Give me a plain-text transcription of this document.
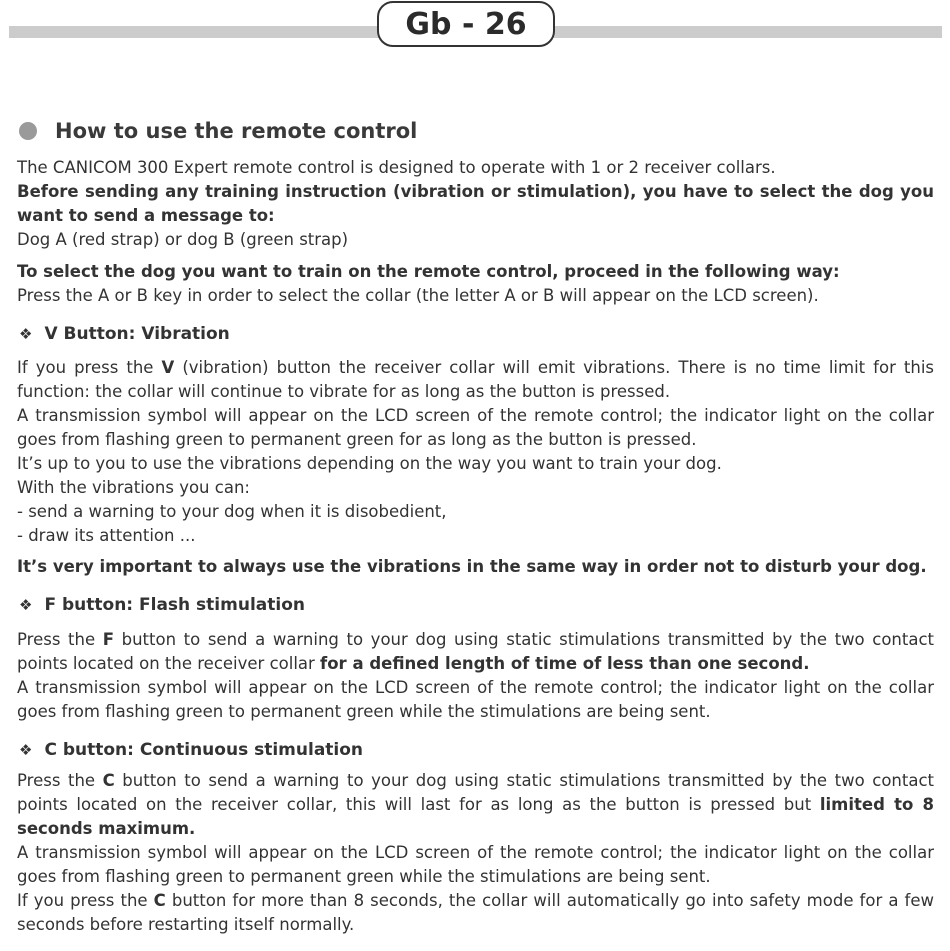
Gb - 26
How to use the remote control
The CANICOM 300 Expert remote control is designed to operate with 1 or 2 receiver collars.
Before sending any training instruction (vibration or stimulation), you have to select the dog you want to send a message to:
Dog A (red strap) or dog B (green strap)
To select the dog you want to train on the remote control, proceed in the following way:
Press the A or B key in order to select the collar (the letter A or B will appear on the LCD screen).
❖ V Button: Vibration
If you press the V (vibration) button the receiver collar will emit vibrations. There is no time limit for this function: the collar will continue to vibrate for as long as the button is pressed.
A transmission symbol will appear on the LCD screen of the remote control; the indicator light on the collar goes from flashing green to permanent green for as long as the button is pressed.
It’s up to you to use the vibrations depending on the way you want to train your dog.
With the vibrations you can:
- send a warning to your dog when it is disobedient,
- draw its attention ...
It’s very important to always use the vibrations in the same way in order not to disturb your dog.
❖ F button: Flash stimulation
Press the F button to send a warning to your dog using static stimulations transmitted by the two contact points located on the receiver collar for a defined length of time of less than one second.
A transmission symbol will appear on the LCD screen of the remote control; the indicator light on the collar goes from flashing green to permanent green while the stimulations are being sent.
❖ C button: Continuous stimulation
Press the C button to send a warning to your dog using static stimulations transmitted by the two contact points located on the receiver collar, this will last for as long as the button is pressed but limited to 8 seconds maximum.
A transmission symbol will appear on the LCD screen of the remote control; the indicator light on the collar goes from flashing green to permanent green while the stimulations are being sent.
If you press the C button for more than 8 seconds, the collar will automatically go into safety mode for a few seconds before restarting itself normally.
